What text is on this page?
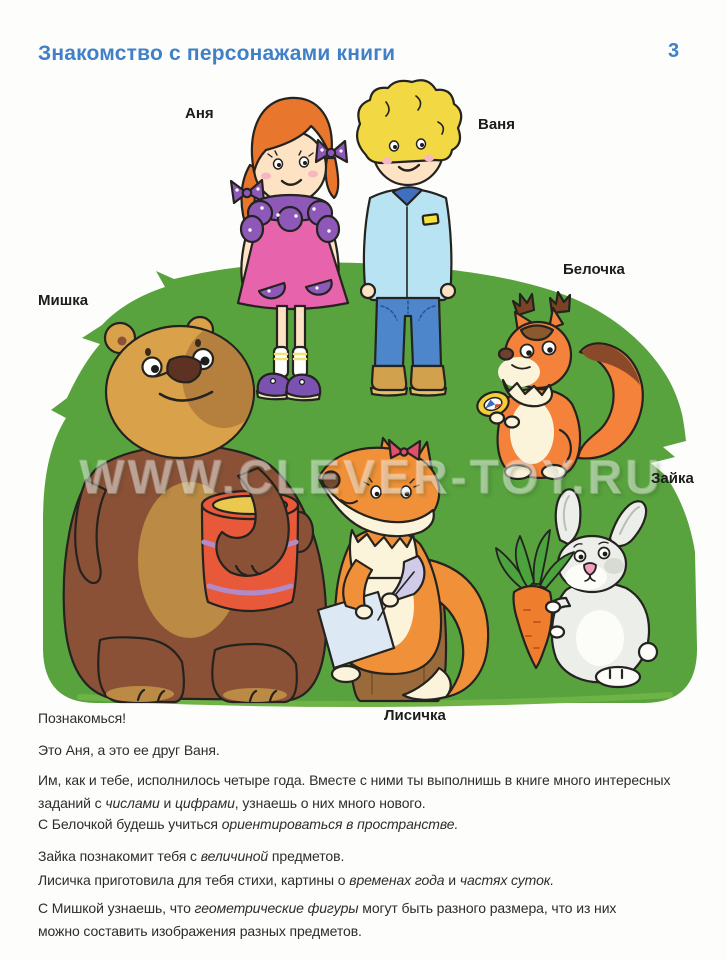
WWW.CLEVER-TOY.RU
Знакомство с персонажами книги	3
Аня
Ваня
Мишка
Белочка
Зайка
Лисичка
Познакомься!
Это Аня, а это ее друг Ваня.
Им, как и тебе, исполнилось четыре года. Вместе с ними ты выполнишь в книге много интересных
заданий с числами и цифрами, узнаешь о них много нового.
С Белочкой будешь учиться ориентироваться в пространстве.
Зайка познакомит тебя с величиной предметов.
Лисичка приготовила для тебя стихи, картины о временах года и частях суток.
С Мишкой узнаешь, что геометрические фигуры могут быть разного размера, что из них
можно составить изображения разных предметов.
